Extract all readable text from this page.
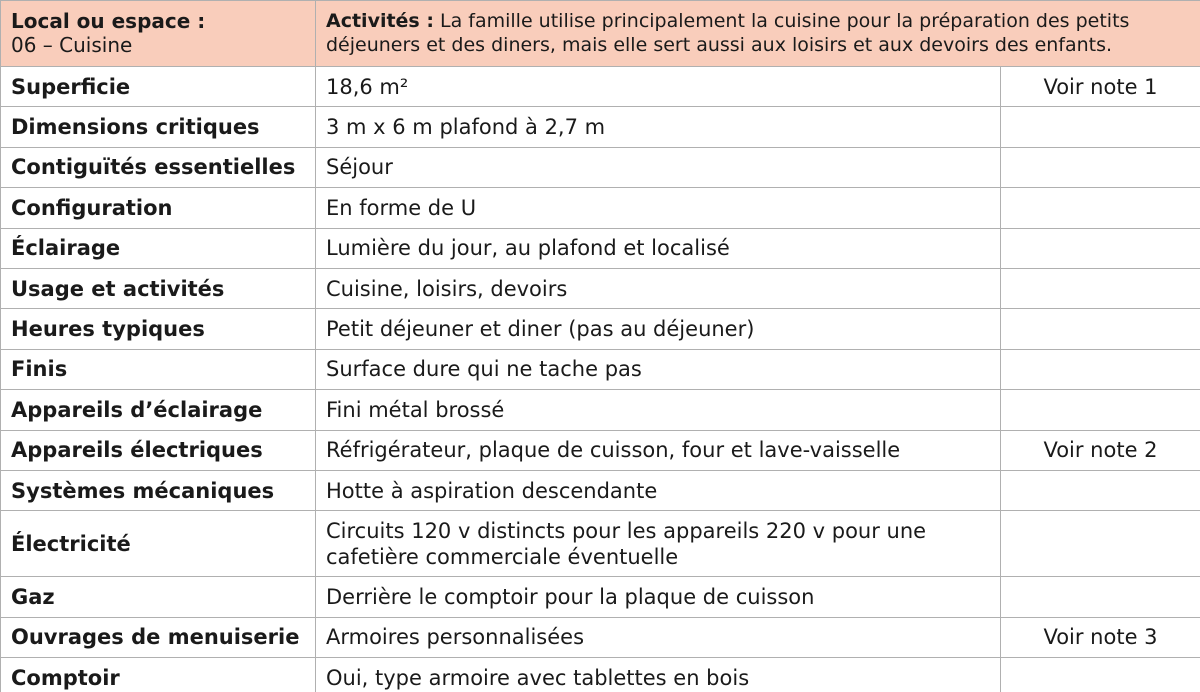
Local ou espace :
06 – Cuisine	Activités : La famille utilise principalement la cuisine pour la préparation des petits déjeuners et des diners, mais elle sert aussi aux loisirs et aux devoirs des enfants.	
Superficie	18,6 m²	Voir note 1
Dimensions critiques	3 m x 6 m plafond à 2,7 m	
Contiguïtés essentielles	Séjour	
Configuration	En forme de U	
Éclairage	Lumière du jour, au plafond et localisé	
Usage et activités	Cuisine, loisirs, devoirs	
Heures typiques	Petit déjeuner et diner (pas au déjeuner)	
Finis	Surface dure qui ne tache pas	
Appareils d’éclairage	Fini métal brossé	
Appareils électriques	Réfrigérateur, plaque de cuisson, four et lave-vaisselle	Voir note 2
Systèmes mécaniques	Hotte à aspiration descendante	
Électricité	Circuits 120 v distincts pour les appareils 220 v pour une cafetière commerciale éventuelle	
Gaz	Derrière le comptoir pour la plaque de cuisson	
Ouvrages de menuiserie	Armoires personnalisées	Voir note 3
Comptoir	Oui, type armoire avec tablettes en bois	
